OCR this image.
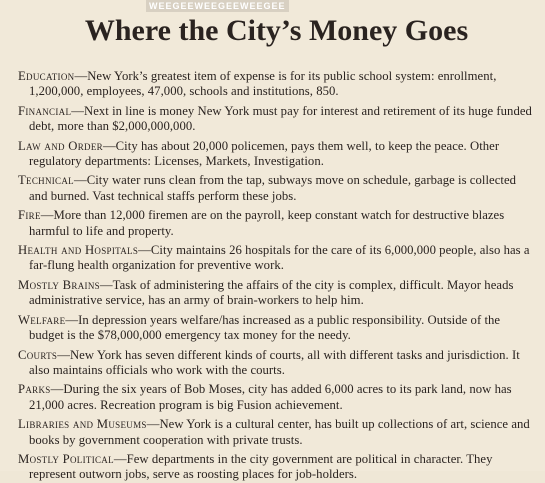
WEEGEEWEEGEEWEEGEE
Where the City’s Money Goes

Education—New York’s greatest item of expense is for its public school system: enrollment, 1,200,000, employees, 47,000, schools and institutions, 850.

Financial—Next in line is money New York must pay for interest and retirement of its huge funded debt, more than $2,000,000,000.

Law and Order—City has about 20,000 policemen, pays them well, to keep the peace. Other regulatory departments: Licenses, Markets, Investigation.

Technical—City water runs clean from the tap, subways move on schedule, garbage is collected and burned. Vast technical staffs perform these jobs.

Fire—More than 12,000 firemen are on the payroll, keep constant watch for destructive blazes harmful to life and property.

Health and Hospitals—City maintains 26 hospitals for the care of its 6,000,000 people, also has a far-flung health organization for preventive work.

Mostly Brains—Task of administering the affairs of the city is complex, difficult. Mayor heads administrative service, has an army of brain-workers to help him.

Welfare—In depression years welfare/has increased as a public responsibility. Outside of the budget is the $78,000,000 emergency tax money for the needy.

Courts—New York has seven different kinds of courts, all with different tasks and jurisdiction. It also maintains officials who work with the courts.

Parks—During the six years of Bob Moses, city has added 6,000 acres to its park land, now has 21,000 acres. Recreation program is big Fusion achievement.

Libraries and Museums—New York is a cultural center, has built up collections of art, science and books by government cooperation with private trusts.

Mostly Political—Few departments in the city government are political in character. They represent outworn jobs, serve as roosting places for job-holders.
